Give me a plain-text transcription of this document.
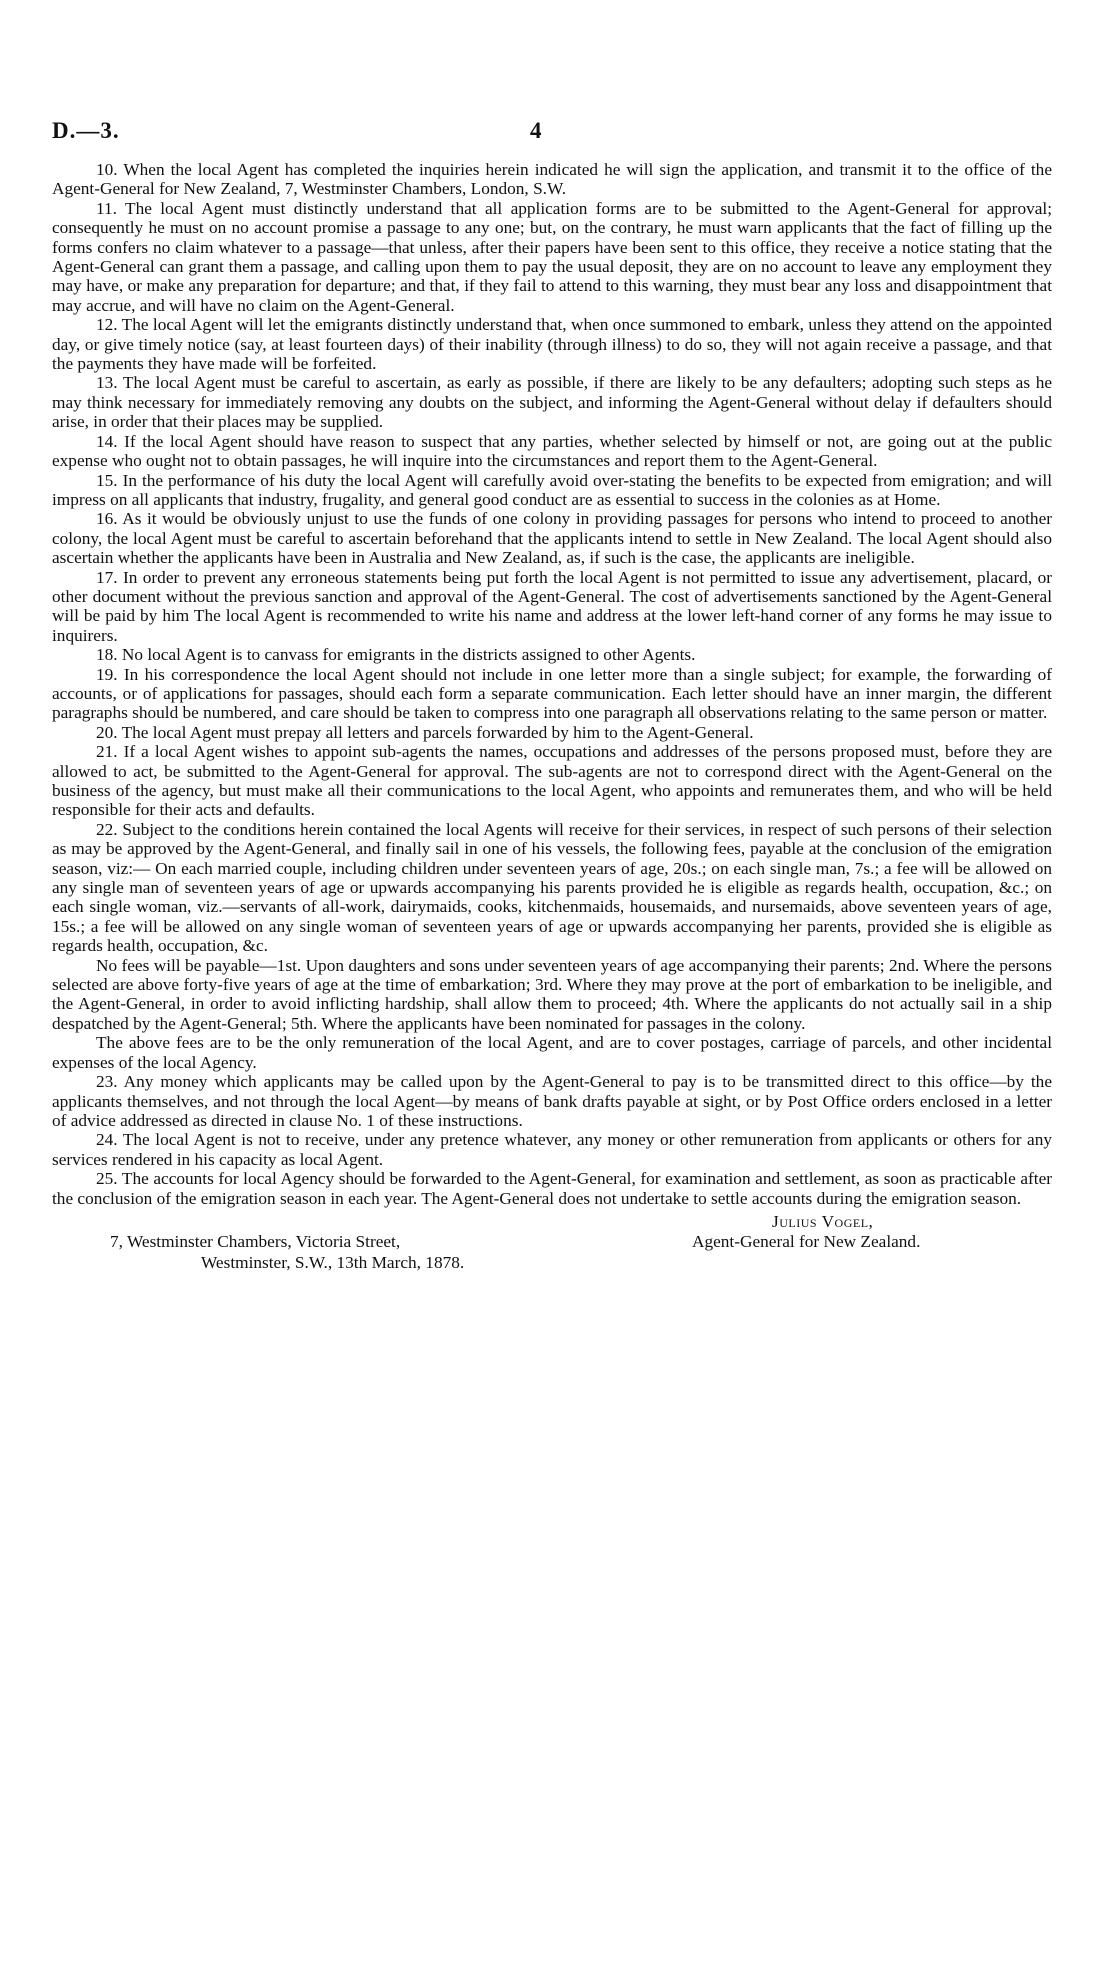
D.—3.	4

10. When the local Agent has completed the inquiries herein indicated he will sign the application, and transmit it to the office of the Agent-General for New Zealand, 7, Westminster Chambers, London, S.W.

11. The local Agent must distinctly understand that all application forms are to be submitted to the Agent-General for approval; consequently he must on no account promise a passage to any one; but, on the contrary, he must warn applicants that the fact of filling up the forms confers no claim whatever to a passage—that unless, after their papers have been sent to this office, they receive a notice stating that the Agent-General can grant them a passage, and calling upon them to pay the usual deposit, they are on no account to leave any employment they may have, or make any preparation for departure; and that, if they fail to attend to this warning, they must bear any loss and disappointment that may accrue, and will have no claim on the Agent-General.

12. The local Agent will let the emigrants distinctly understand that, when once summoned to embark, unless they attend on the appointed day, or give timely notice (say, at least fourteen days) of their inability (through illness) to do so, they will not again receive a passage, and that the payments they have made will be forfeited.

13. The local Agent must be careful to ascertain, as early as possible, if there are likely to be any defaulters; adopting such steps as he may think necessary for immediately removing any doubts on the subject, and informing the Agent-General without delay if defaulters should arise, in order that their places may be supplied.

14. If the local Agent should have reason to suspect that any parties, whether selected by himself or not, are going out at the public expense who ought not to obtain passages, he will inquire into the circumstances and report them to the Agent-General.

15. In the performance of his duty the local Agent will carefully avoid over-stating the benefits to be expected from emigration; and will impress on all applicants that industry, frugality, and general good conduct are as essential to success in the colonies as at Home.

16. As it would be obviously unjust to use the funds of one colony in providing passages for persons who intend to proceed to another colony, the local Agent must be careful to ascertain beforehand that the applicants intend to settle in New Zealand. The local Agent should also ascertain whether the applicants have been in Australia and New Zealand, as, if such is the case, the applicants are ineligible.

17. In order to prevent any erroneous statements being put forth the local Agent is not permitted to issue any advertisement, placard, or other document without the previous sanction and approval of the Agent-General. The cost of advertisements sanctioned by the Agent-General will be paid by him The local Agent is recommended to write his name and address at the lower left-hand corner of any forms he may issue to inquirers.

18. No local Agent is to canvass for emigrants in the districts assigned to other Agents.

19. In his correspondence the local Agent should not include in one letter more than a single subject; for example, the forwarding of accounts, or of applications for passages, should each form a separate communication. Each letter should have an inner margin, the different paragraphs should be numbered, and care should be taken to compress into one paragraph all observations relating to the same person or matter.

20. The local Agent must prepay all letters and parcels forwarded by him to the Agent-General.

21. If a local Agent wishes to appoint sub-agents the names, occupations and addresses of the persons proposed must, before they are allowed to act, be submitted to the Agent-General for approval. The sub-agents are not to correspond direct with the Agent-General on the business of the agency, but must make all their communications to the local Agent, who appoints and remunerates them, and who will be held responsible for their acts and defaults.

22. Subject to the conditions herein contained the local Agents will receive for their services, in respect of such persons of their selection as may be approved by the Agent-General, and finally sail in one of his vessels, the following fees, payable at the conclusion of the emigration season, viz:— On each married couple, including children under seventeen years of age, 20s.; on each single man, 7s.; a fee will be allowed on any single man of seventeen years of age or upwards accompanying his parents provided he is eligible as regards health, occupation, &c.; on each single woman, viz.—servants of all-work, dairymaids, cooks, kitchenmaids, housemaids, and nursemaids, above seventeen years of age, 15s.; a fee will be allowed on any single woman of seventeen years of age or upwards accompanying her parents, provided she is eligible as regards health, occupation, &c.

No fees will be payable—1st. Upon daughters and sons under seventeen years of age accompanying their parents; 2nd. Where the persons selected are above forty-five years of age at the time of embarkation; 3rd. Where they may prove at the port of embarkation to be ineligible, and the Agent-General, in order to avoid inflicting hardship, shall allow them to proceed; 4th. Where the applicants do not actually sail in a ship despatched by the Agent-General; 5th. Where the applicants have been nominated for passages in the colony.

The above fees are to be the only remuneration of the local Agent, and are to cover postages, carriage of parcels, and other incidental expenses of the local Agency.

23. Any money which applicants may be called upon by the Agent-General to pay is to be transmitted direct to this office—by the applicants themselves, and not through the local Agent—by means of bank drafts payable at sight, or by Post Office orders enclosed in a letter of advice addressed as directed in clause No. 1 of these instructions.

24. The local Agent is not to receive, under any pretence whatever, any money or other remuneration from applicants or others for any services rendered in his capacity as local Agent.

25. The accounts for local Agency should be forwarded to the Agent-General, for examination and settlement, as soon as practicable after the conclusion of the emigration season in each year. The Agent-General does not undertake to settle accounts during the emigration season.

Julius Vogel,
Agent-General for New Zealand.
7, Westminster Chambers, Victoria Street,
Westminster, S.W., 13th March, 1878.
